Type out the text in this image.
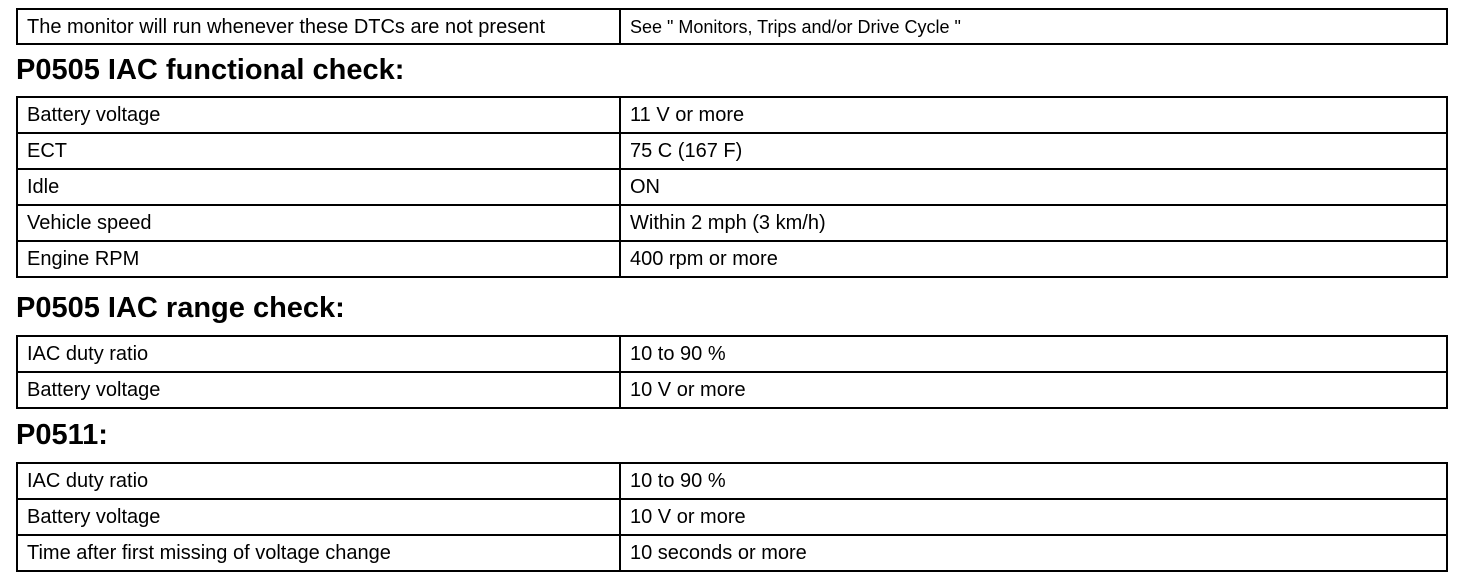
The monitor will run whenever these DTCs are not present	See " Monitors, Trips and/or Drive Cycle "
P0505 IAC functional check:
Battery voltage	11 V or more
ECT	75 C (167 F)
Idle	ON
Vehicle speed	Within 2 mph (3 km/h)
Engine RPM	400 rpm or more
P0505 IAC range check:
IAC duty ratio	10 to 90 %
Battery voltage	10 V or more
P0511:
IAC duty ratio	10 to 90 %
Battery voltage	10 V or more
Time after first missing of voltage change	10 seconds or more
